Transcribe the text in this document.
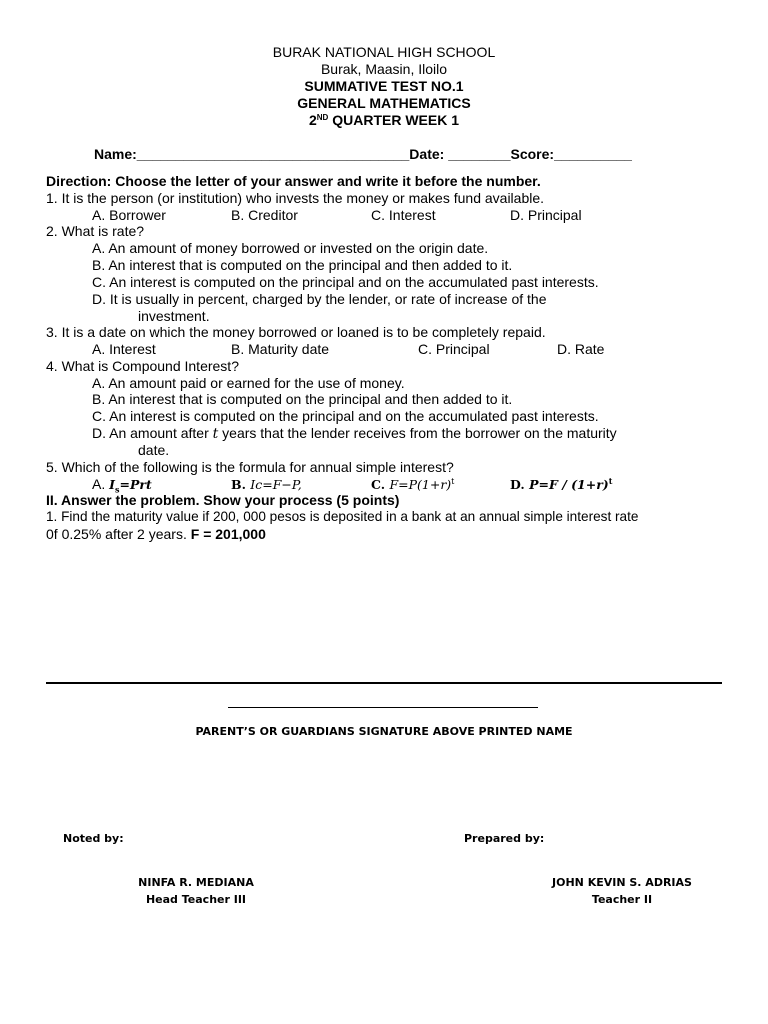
BURAK NATIONAL HIGH SCHOOL
Burak, Maasin, Iloilo
SUMMATIVE TEST NO.1
GENERAL MATHEMATICS
2ND QUARTER WEEK 1
Name:___________________________________Date: ________Score:__________
Direction: Choose the letter of your answer and write it before the number.
1. It is the person (or institution) who invests the money or makes fund available.
A. Borrower	B. Creditor	C. Interest	D. Principal
2. What is rate?
A. An amount of money borrowed or invested on the origin date.
B. An interest that is computed on the principal and then added to it.
C. An interest is computed on the principal and on the accumulated past interests.
D. It is usually in percent, charged by the lender, or rate of increase of the
investment.
3. It is a date on which the money borrowed or loaned is to be completely repaid.
A. Interest	B. Maturity date	C. Principal	D. Rate
4. What is Compound Interest?
A. An amount paid or earned for the use of money.
B. An interest that is computed on the principal and then added to it.
C. An interest is computed on the principal and on the accumulated past interests.
D. An amount after t years that the lender receives from the borrower on the maturity
date.
5. Which of the following is the formula for annual simple interest?
A. $I_s=Prt$	B. Ic=F−P,	C. $F=P(1+r)^t$	D. $P=F / (1+r)^t$
II. Answer the problem. Show your process (5 points)
1. Find the maturity value if 200, 000 pesos is deposited in a bank at an annual simple interest rate
0f 0.25% after 2 years. F = 201,000
PARENT’S OR GUARDIANS SIGNATURE ABOVE PRINTED NAME
Noted by:	Prepared by:
NINFA R. MEDIANA
Head Teacher III
JOHN KEVIN S. ADRIAS
Teacher II
